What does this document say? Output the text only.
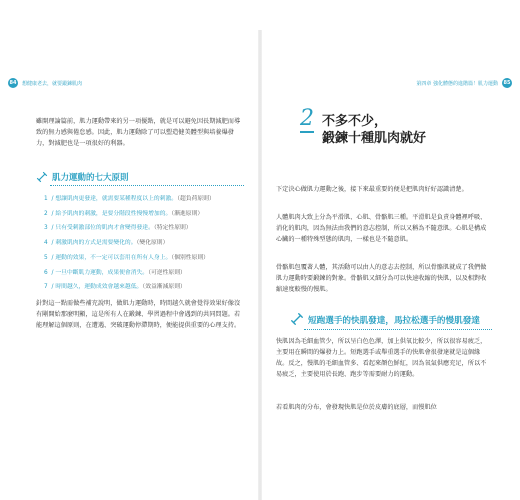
84	想健康老去，就要鍛鍊肌肉

雖開理論篇前，肌力運動帶來的另一項優點，就是可以避免因長期減肥而導致的無力感與倦怠感。因此，肌力運動除了可以塑造健美體型與培養爆發力，對減肥也是一項很好的利器。

肌力運動的七大原則
1 / 想讓肌肉更發達，就需要某種程度以上的刺激。（超負荷原則）
2 / 給予肌肉的刺激，是要分階段性慢慢增加的。（漸進原則）
3 / 只有受刺激部位的肌肉才會變得發達。（特定性原則）
4 / 刺激肌肉的方式是需要變化的。（變化原則）
5 / 運動的效果，不一定可以套用在所有人身上。（個別性原則）
6 / 一旦中斷肌力運動，成果便會消失。（可逆性原則）
7 / 時間越久，運動成效會越來越低。（效益漸減原則）

針對這一點需做些補充說明，做肌力運動時，時間越久就會覺得效果好像沒有剛開始那麼明顯，這是所有人在鍛鍊、學習過程中會遇到的共同問題。若能理解這個原則，在遭遇、突破運動停滯期時，便能提供重要的心理支持。

第四章 強化體態的進階篇！肌力運動	85
2 不多不少，
鍛鍊十種肌肉就好

下定決心做肌力運動之後，接下來最重要的便是把肌肉好好認識清楚。

人體肌肉大致上分為平滑肌、心肌、骨骼肌三種。平滑肌是負責身體裡呼吸、消化的肌肉，因為無法由我們的意志控制，所以又稱為不隨意肌。心肌是構成心臟的一種特殊型態的肌肉，一樣也是不隨意肌。

骨骼肌包覆著人體，其活動可以由人的意志去控制，所以骨骼肌就成了我們做肌力運動時要鍛鍊的對象。骨骼肌又細分為可以快速收縮的快肌，以及相對收縮速度較慢的慢肌。

短跑選手的快肌發達，馬拉松選手的慢肌發達

快肌因為毛細血管少，所以呈白色色澤，加上供氧比較少，所以很容易疲乏，主要用在瞬間的爆發力上。短跑選手或舉重選手的快肌會很發達就是這個緣故。反之，慢肌的毛細血管多、看起來顏色鮮紅，因為氧氣供應充足，所以不易疲乏，主要使用於長跑、跑步等需要耐力的運動。

若看肌肉的分布，會發現快肌是位於皮膚的底層，而慢肌位
